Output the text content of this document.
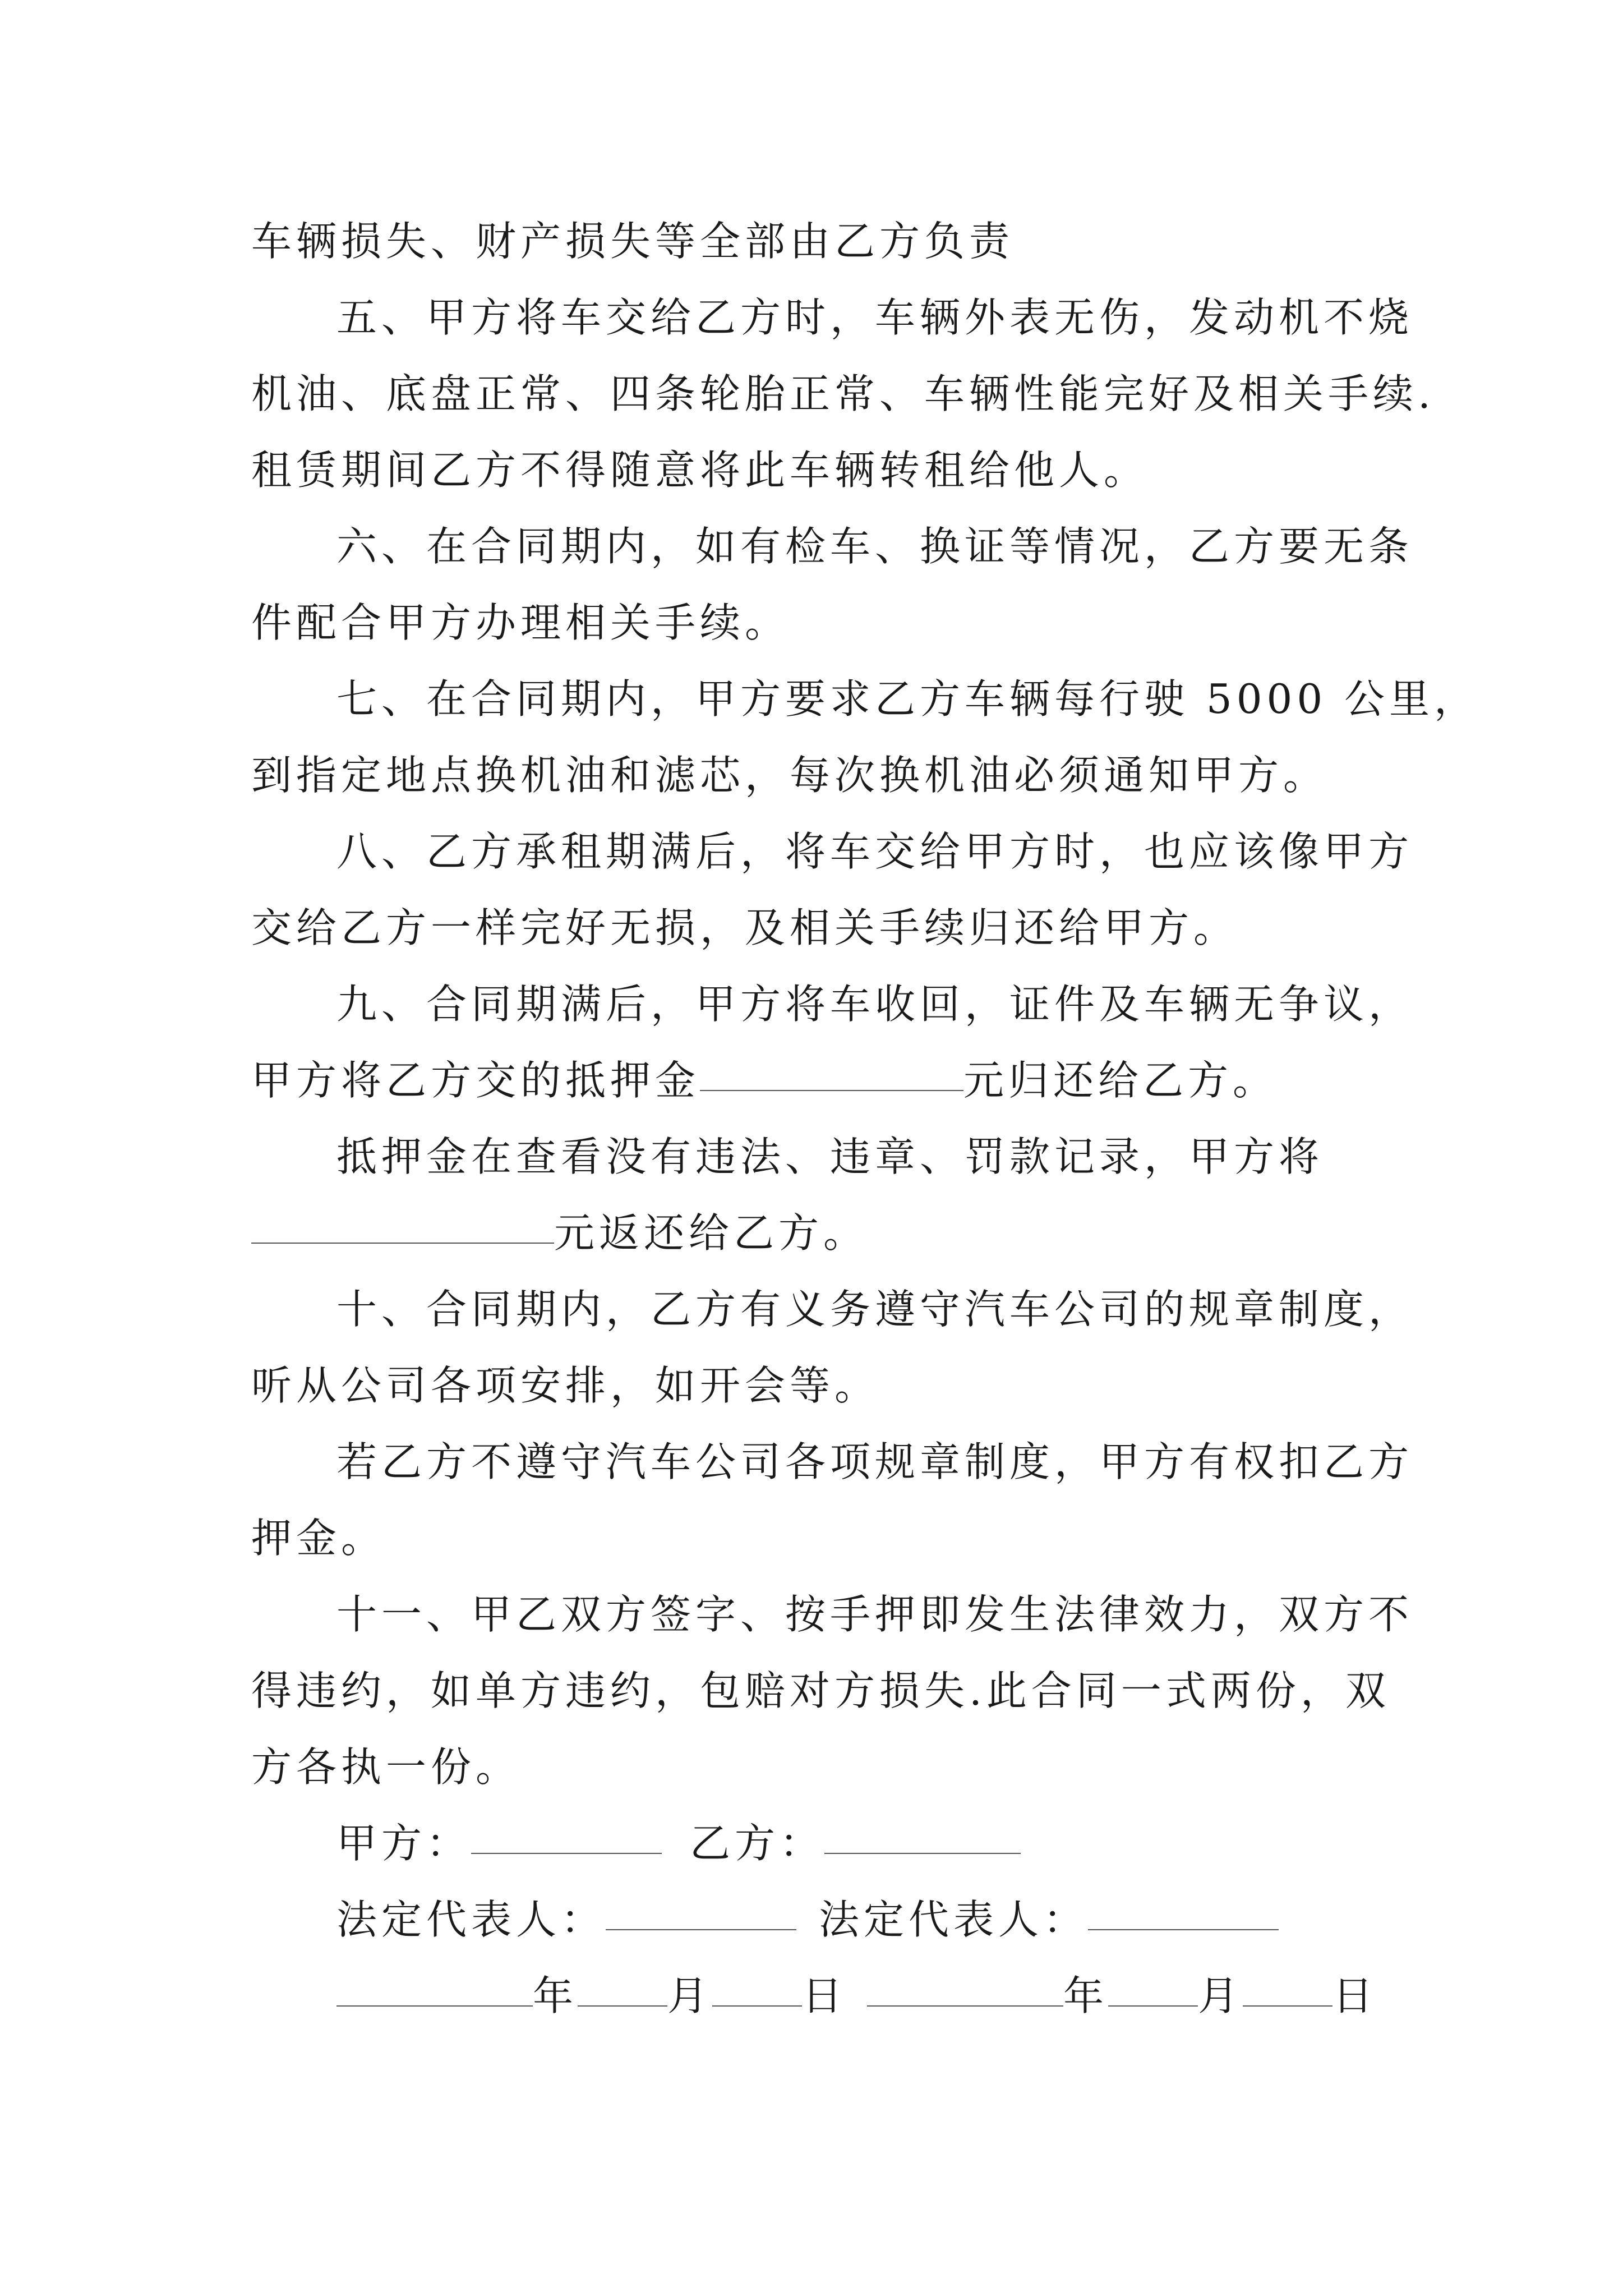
车辆损失、财产损失等全部由乙方负责
五、甲方将车交给乙方时，车辆外表无伤，发动机不烧
机油、底盘正常、四条轮胎正常、车辆性能完好及相关手续.
租赁期间乙方不得随意将此车辆转租给他人。
六、在合同期内，如有检车、换证等情况，乙方要无条
件配合甲方办理相关手续。
七、在合同期内，甲方要求乙方车辆每行驶 5000 公里，
到指定地点换机油和滤芯，每次换机油必须通知甲方。
八、乙方承租期满后，将车交给甲方时，也应该像甲方
交给乙方一样完好无损，及相关手续归还给甲方。
九、合同期满后，甲方将车收回，证件及车辆无争议，
甲方将乙方交的抵押金	元归还给乙方。
抵押金在查看没有违法、违章、罚款记录，甲方将
元返还给乙方。
十、合同期内，乙方有义务遵守汽车公司的规章制度，
听从公司各项安排，如开会等。
若乙方不遵守汽车公司各项规章制度，甲方有权扣乙方
押金。
十一、甲乙双方签字、按手押即发生法律效力，双方不
得违约，如单方违约，包赔对方损失.此合同一式两份，双
方各执一份。
甲方：	乙方：
法定代表人：	法定代表人：
年 月 日	年 月 日
